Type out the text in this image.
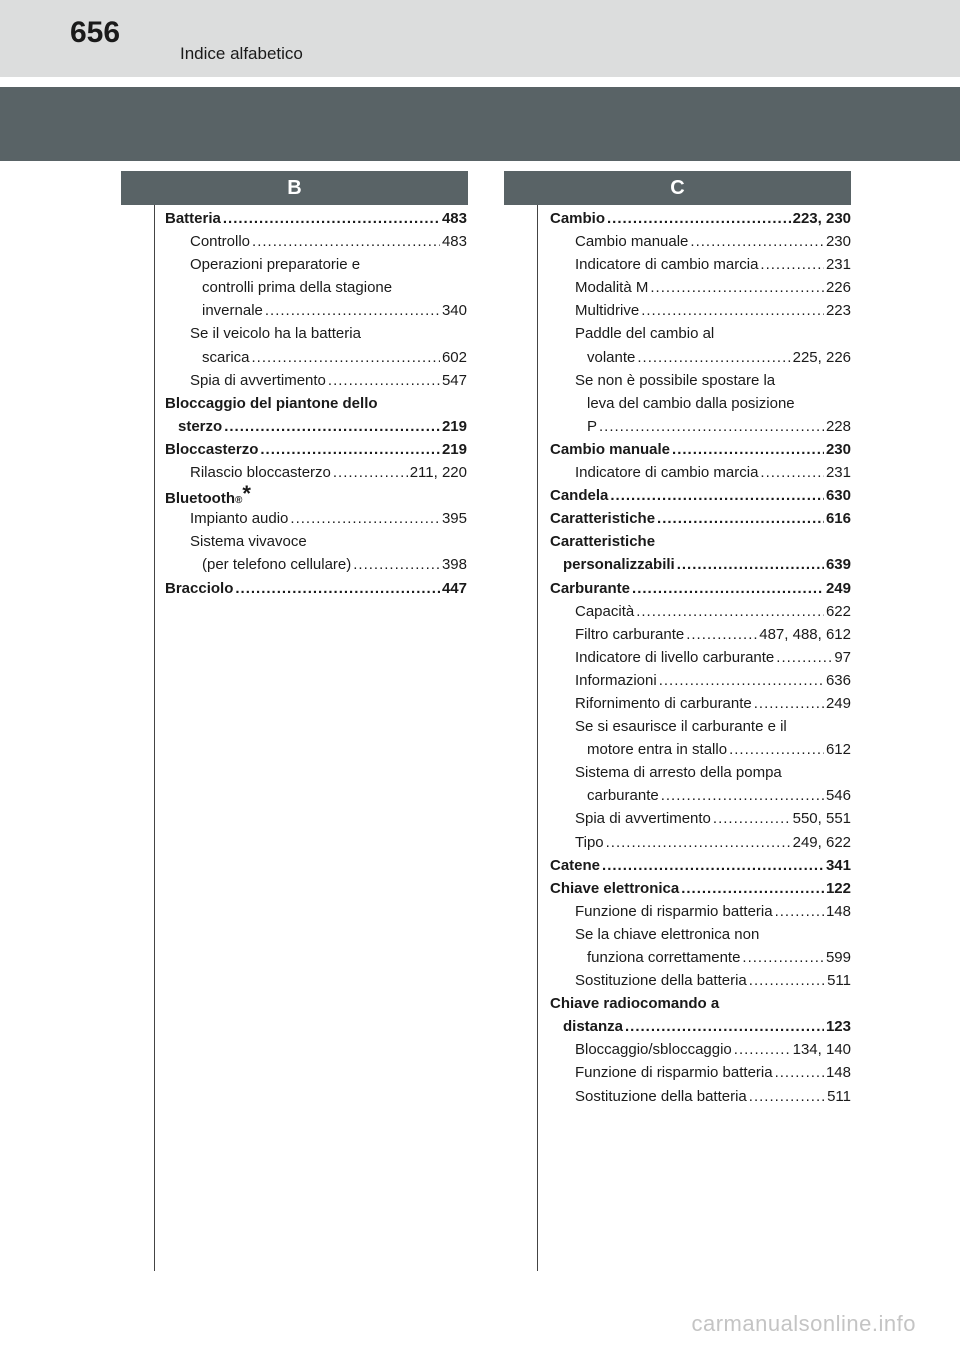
656
Indice alfabetico
B
Batteria .....	483
Controllo .....	483
Operazioni preparatorie e
controlli prima della stagione
invernale .....	340
Se il veicolo ha la batteria
scarica .....	602
Spia di avvertimento .....	547
Bloccaggio del piantone dello
sterzo .....	219
Bloccasterzo .....	219
Rilascio bloccasterzo .....	211, 220
Bluetooth ® *
Impianto audio .....	395
Sistema vivavoce
(per telefono cellulare) .....	398
Bracciolo .....	447
C
Cambio .....	223, 230
Cambio manuale .....	230
Indicatore di cambio marcia .....	231
Modalità M .....	226
Multidrive .....	223
Paddle del cambio al
volante .....	225, 226
Se non è possibile spostare la
leva del cambio dalla posizione
P .....	228
Cambio manuale .....	230
Indicatore di cambio marcia .....	231
Candela .....	630
Caratteristiche .....	616
Caratteristiche
personalizzabili .....	639
Carburante .....	249
Capacità .....	622
Filtro carburante .....	487, 488, 612
Indicatore di livello carburante .....	97
Informazioni .....	636
Rifornimento di carburante .....	249
Se si esaurisce il carburante e il
motore entra in stallo .....	612
Sistema di arresto della pompa
carburante .....	546
Spia di avvertimento .....	550, 551
Tipo .....	249, 622
Catene .....	341
Chiave elettronica .....	122
Funzione di risparmio batteria .....	148
Se la chiave elettronica non
funziona correttamente .....	599
Sostituzione della batteria .....	511
Chiave radiocomando a
distanza .....	123
Bloccaggio/sbloccaggio .....	134, 140
Funzione di risparmio batteria .....	148
Sostituzione della batteria .....	511
carmanualsonline.info
